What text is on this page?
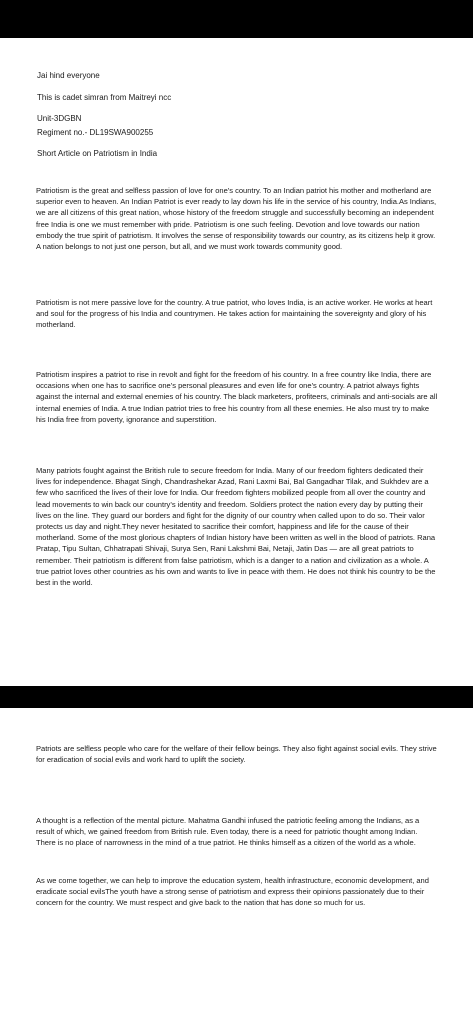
Jai hind everyone

This is cadet simran from Maitreyi ncc

Unit-3DGBN

Regiment no.- DL19SWA900255

Short Article on Patriotism in India

Patriotism is the great and selfless passion of love for one’s country. To an Indian patriot his mother and motherland are superior even to heaven. An Indian Patriot is ever ready to lay down his life in the service of his country, India.As Indians, we are all citizens of this great nation, whose history of the freedom struggle and successfully becoming an independent free India is one we must remember with pride. Patriotism is one such feeling. Devotion and love towards our nation embody the true spirit of patriotism. It involves the sense of responsibility towards our country, as its citizens help it grow. A nation belongs to not just one person, but all, and we must work towards community good.

Patriotism is not mere passive love for the country. A true patriot, who loves India, is an active worker. He works at heart and soul for the progress of his India and countrymen. He takes action for maintaining the sovereignty and glory of his motherland.

Patriotism inspires a patriot to rise in revolt and fight for the freedom of his country. In a free country like India, there are occasions when one has to sacrifice one’s personal pleasures and even life for one’s country. A patriot always fights against the internal and external enemies of his country. The black marketers, profiteers, criminals and anti-socials are all internal enemies of India. A true Indian patriot tries to free his country from all these enemies. He also must try to make his India free from poverty, ignorance and superstition.

Many patriots fought against the British rule to secure freedom for India. Many of our freedom fighters dedicated their lives for independence. Bhagat Singh, Chandrashekar Azad, Rani Laxmi Bai, Bal Gangadhar Tilak, and Sukhdev are a few who sacrificed the lives of their love for India. Our freedom fighters mobilized people from all over the country and lead movements to win back our country’s identity and freedom. Soldiers protect the nation every day by putting their lives on the line. They guard our borders and fight for the dignity of our country when called upon to do so. Their valor protects us day and night.They never hesitated to sacrifice their comfort, happiness and life for the cause of their motherland. Some of the most glorious chapters of Indian history have been written as well in the blood of patriots. Rana Pratap, Tipu Sultan, Chhatrapati Shivaji, Surya Sen, Rani Lakshmi Bai, Netaji, Jatin Das — are all great patriots to remember. Their patriotism is different from false patriotism, which is a danger to a nation and civilization as a whole. A true patriot loves other countries as his own and wants to live in peace with them. He does not think his country to be the best in the world.

Patriots are selfless people who care for the welfare of their fellow beings. They also fight against social evils. They strive for eradication of social evils and work hard to uplift the society.

A thought is a reflection of the mental picture. Mahatma Gandhi infused the patriotic feeling among the Indians, as a result of which, we gained freedom from British rule. Even today, there is a need for patriotic thought among Indian. There is no place of narrowness in the mind of a true patriot. He thinks himself as a citizen of the world as a whole.

As we come together, we can help to improve the education system, health infrastructure, economic development, and eradicate social evilsThe youth have a strong sense of patriotism and express their opinions passionately due to their concern for the country. We must respect and give back to the nation that has done so much for us.
